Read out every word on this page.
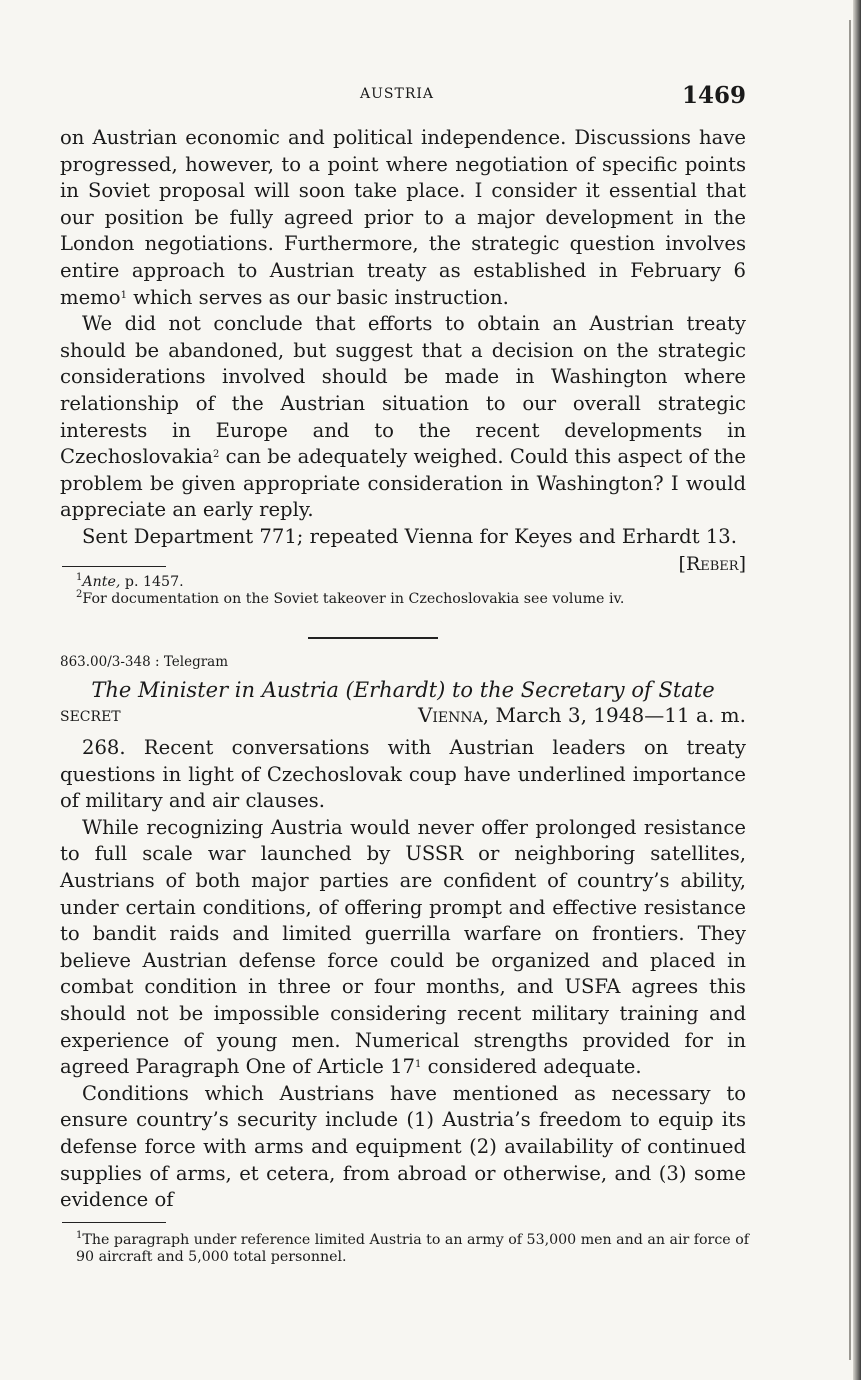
AUSTRIA	1469

on Austrian economic and political independence. Discussions have progressed, however, to a point where negotiation of specific points in Soviet proposal will soon take place. I consider it essential that our position be fully agreed prior to a major development in the London negotiations. Furthermore, the strategic question involves entire approach to Austrian treaty as established in February 6 memo$^1$ which serves as our basic instruction.

We did not conclude that efforts to obtain an Austrian treaty should be abandoned, but suggest that a decision on the strategic considerations involved should be made in Washington where relationship of the Austrian situation to our overall strategic interests in Europe and to the recent developments in Czechoslovakia$^2$ can be adequately weighed. Could this aspect of the problem be given appropriate consideration in Washington? I would appreciate an early reply.

Sent Department 771; repeated Vienna for Keyes and Erhardt 13.

[Reber]

$^1$Ante, p. 1457.

$^2$For documentation on the Soviet takeover in Czechoslovakia see volume iv.

863.00/3-348 : Telegram
The Minister in Austria (Erhardt) to the Secretary of State
SECRET	Vienna, March 3, 1948—11 a. m.

268. Recent conversations with Austrian leaders on treaty questions in light of Czechoslovak coup have underlined importance of military and air clauses.

While recognizing Austria would never offer prolonged resistance to full scale war launched by USSR or neighboring satellites, Austrians of both major parties are confident of country’s ability, under certain conditions, of offering prompt and effective resistance to bandit raids and limited guerrilla warfare on frontiers. They believe Austrian defense force could be organized and placed in combat condition in three or four months, and USFA agrees this should not be impossible considering recent military training and experience of young men. Numerical strengths provided for in agreed Paragraph One of Article $17^1$ considered adequate.

Conditions which Austrians have mentioned as necessary to ensure country’s security include (1) Austria’s freedom to equip its defense force with arms and equipment (2) availability of continued supplies of arms, et cetera, from abroad or otherwise, and (3) some evidence of

$^1$The paragraph under reference limited Austria to an army of 53,000 men and an air force of 90 aircraft and 5,000 total personnel.
